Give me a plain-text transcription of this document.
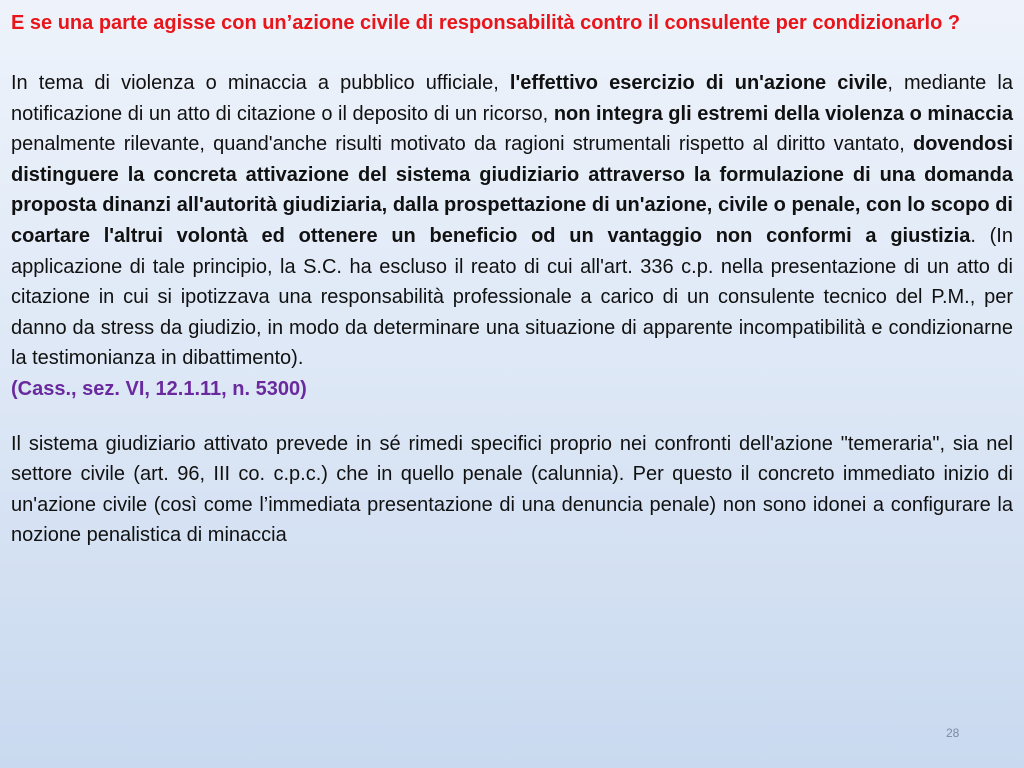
E se una parte agisse con un’azione civile di responsabilità contro il consulente per condizionarlo ?

In tema di violenza o minaccia a pubblico ufficiale, l'effettivo esercizio di un'azione civile, mediante la notificazione di un atto di citazione o il deposito di un ricorso, non integra gli estremi della violenza o minaccia penalmente rilevante, quand'anche risulti motivato da ragioni strumentali rispetto al diritto vantato, dovendosi distinguere la concreta attivazione del sistema giudiziario attraverso la formulazione di una domanda proposta dinanzi all'autorità giudiziaria, dalla prospettazione di un'azione, civile o penale, con lo scopo di coartare l'altrui volontà ed ottenere un beneficio od un vantaggio non conformi a giustizia. (In applicazione di tale principio, la S.C. ha escluso il reato di cui all'art. 336 c.p. nella presentazione di un atto di citazione in cui si ipotizzava una responsabilità professionale a carico di un consulente tecnico del P.M., per danno da stress da giudizio, in modo da determinare una situazione di apparente incompatibilità e condizionarne la testimonianza in dibattimento).
(Cass., sez. VI, 12.1.11, n. 5300)

Il sistema giudiziario attivato prevede in sé rimedi specifici proprio nei confronti dell'azione "temeraria", sia nel settore civile (art. 96, III co. c.p.c.) che in quello penale (calunnia). Per questo il concreto immediato inizio di un'azione civile (così come l’immediata presentazione di una denuncia penale) non sono idonei a configurare la nozione penalistica di minaccia

28
